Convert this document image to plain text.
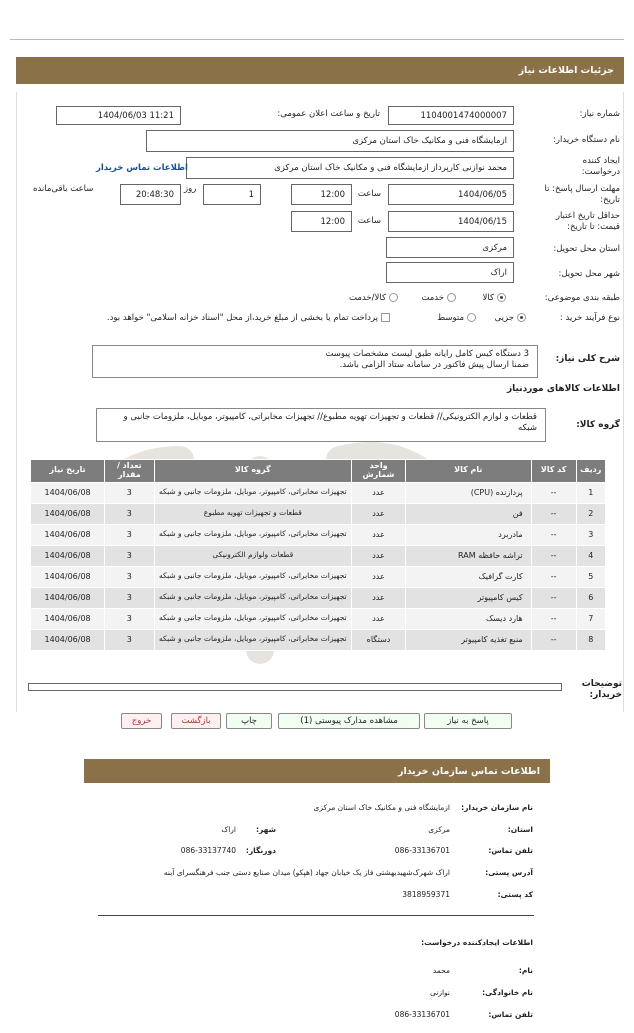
جزئیات اطلاعات نیاز
شماره نیاز:
1104001474000007
تاریخ و ساعت اعلان عمومی:
1404/06/03 11:21
نام دستگاه خریدار:
ازمایشگاه فنی و مکانیک خاک استان مرکزی
ایجاد کننده درخواست:
محمد نوازنی کارپرداز ازمایشگاه فنی و مکانیک خاک استان مرکزی
اطلاعات تماس خریدار
مهلت ارسال پاسخ: تا تاریخ:
1404/06/05
ساعت
12:00
1
روز
20:48:30
ساعت باقی‌مانده
حداقل تاریخ اعتبار قیمت: تا تاریخ:
1404/06/15
ساعت
12:00
استان محل تحویل:
مرکزی
شهر محل تحویل:
اراک
طبقه بندی موضوعی:
کالا
خدمت
کالا/خدمت
نوع فرآیند خرید :
جزیی
متوسط
پرداخت تمام یا بخشی از مبلغ خرید،از محل "اسناد خزانه اسلامی" خواهد بود.
شرح کلی نیاز:
3 دستگاه کیس کامل رایانه طبق لیست مشخصات پیوست
ضمنا ارسال پیش فاکتور در سامانه ستاد الزامی باشد.
اطلاعات کالاهای موردنیاز
گروه کالا:
قطعات و لوازم الکترونیکی// قطعات و تجهیزات تهویه مطبوع// تجهیزات مخابراتی، کامپیوتر، موبایل، ملزومات جانبی و شبکه
ردیف	کد کالا	نام کالا	واحد شمارش	گروه کالا	تعداد / مقدار	تاریخ نیاز
1	--	پردازنده (CPU)	عدد	تجهیزات مخابراتی، کامپیوتر، موبایل، ملزومات جانبی و شبکه	3	1404/06/08
2	--	فن	عدد	قطعات و تجهیزات تهویه مطبوع	3	1404/06/08
3	--	مادربرد	عدد	تجهیزات مخابراتی، کامپیوتر، موبایل، ملزومات جانبی و شبکه	3	1404/06/08
4	--	تراشه حافظه RAM	عدد	قطعات ولوازم الکترونیکی	3	1404/06/08
5	--	کارت گرافیک	عدد	تجهیزات مخابراتی، کامپیوتر، موبایل، ملزومات جانبی و شبکه	3	1404/06/08
6	--	کیس کامپیوتر	عدد	تجهیزات مخابراتی، کامپیوتر، موبایل، ملزومات جانبی و شبکه	3	1404/06/08
7	--	هارد دیسک	عدد	تجهیزات مخابراتی، کامپیوتر، موبایل، ملزومات جانبی و شبکه	3	1404/06/08
8	--	منبع تغذیه کامپیوتر	دستگاه	تجهیزات مخابراتی، کامپیوتر، موبایل، ملزومات جانبی و شبکه	3	1404/06/08
توضیحات خریدار:
پاسخ به نیاز
مشاهده مدارک پیوستی (1)
چاپ
بازگشت
خروج
اطلاعات تماس سازمان خریدار
نام سازمان خریدار:
ازمایشگاه فنی و مکانیک خاک استان مرکزی
استان:
مرکزی
شهر:
اراک
تلفن تماس:
086-33136701
دورنگار:
086-33137740
آدرس پستی:
اراک شهرک‌شهیدبهشتی فاز یک خیابان جهاد (هپکو) میدان صنایع دستی جنب فرهنگسرای آبنه
کد پستی:
3818959371
اطلاعات ایجادکننده درخواست:
نام:
محمد
نام خانوادگی:
نوازنی
تلفن تماس:
086-33136701
